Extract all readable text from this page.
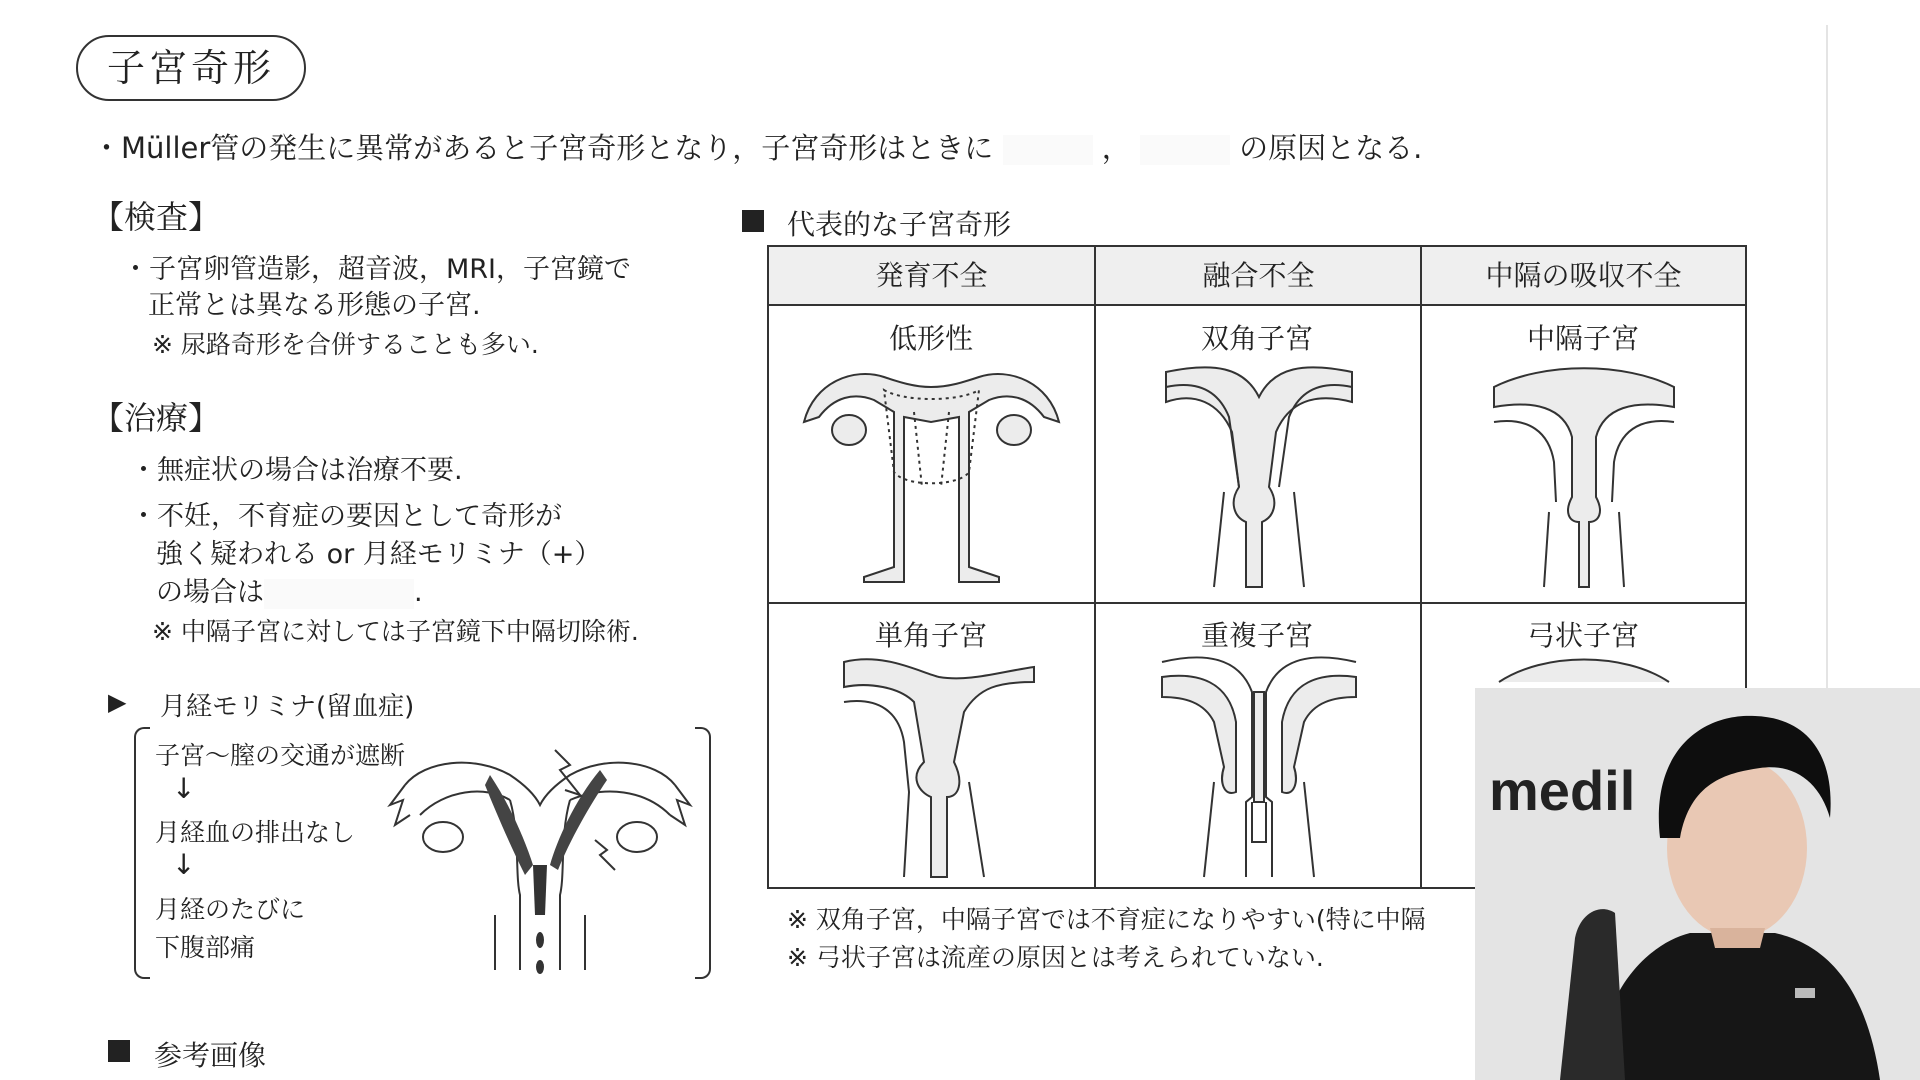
子宮奇形
・Müller管の発生に異常があると子宮奇形となり，子宮奇形はときに	，	の原因となる.
【検査】
・子宮卵管造影，超音波，MRI，子宮鏡で
正常とは異なる形態の子宮.
※ 尿路奇形を合併することも多い.
【治療】
・無症状の場合は治療不要.
・不妊，不育症の要因として奇形が
強く疑われる or 月経モリミナ（+）
の場合は	.
※ 中隔子宮に対しては子宮鏡下中隔切除術.
▶ 月経モリミナ(留血症)
子宮〜膣の交通が遮断
↓
月経血の排出なし
↓
月経のたびに
下腹部痛
参考画像
代表的な子宮奇形
発育不全	融合不全	中隔の吸収不全
低形性	双角子宮	中隔子宮
単角子宮	重複子宮	弓状子宮
※ 双角子宮，中隔子宮では不育症になりやすい(特に中隔
※ 弓状子宮は流産の原因とは考えられていない.
medil
